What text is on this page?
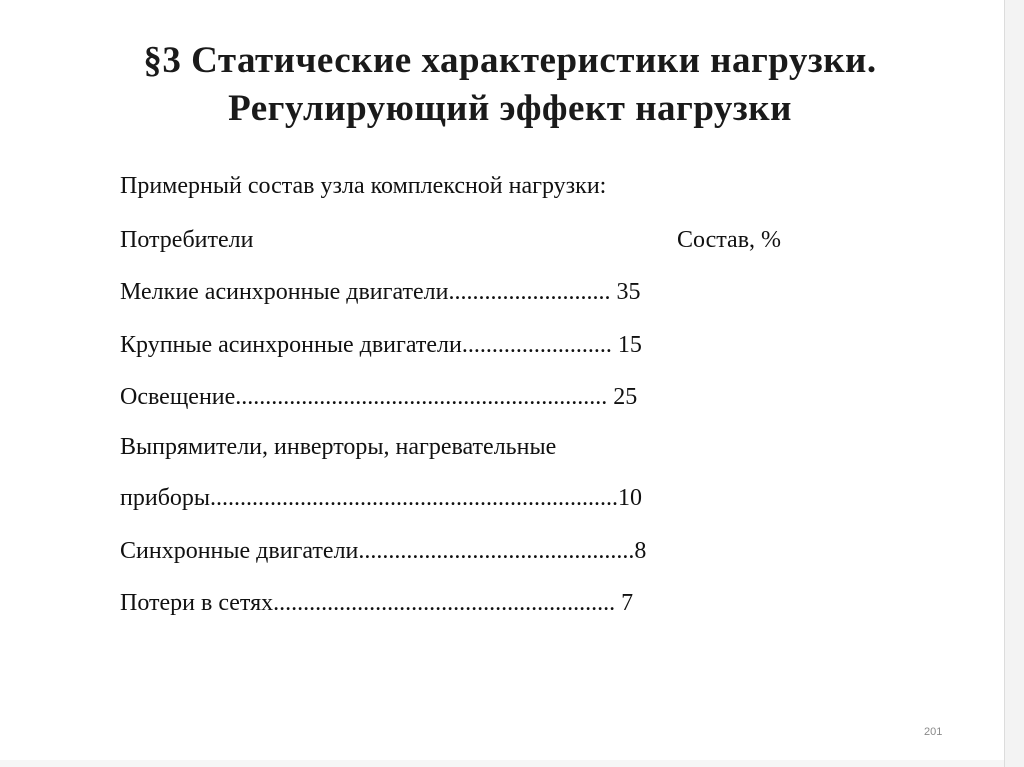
§3 Статические характеристики нагрузки.
Регулирующий эффект нагрузки
Примерный состав узла комплексной нагрузки:
Потребители	Состав, %
Мелкие асинхронные двигатели........................... 35
Крупные асинхронные двигатели......................... 15
Освещение.............................................................. 25
Выпрямители, инверторы, нагревательные
приборы....................................................................10
Синхронные двигатели..............................................8
Потери в сетях......................................................... 7
201
